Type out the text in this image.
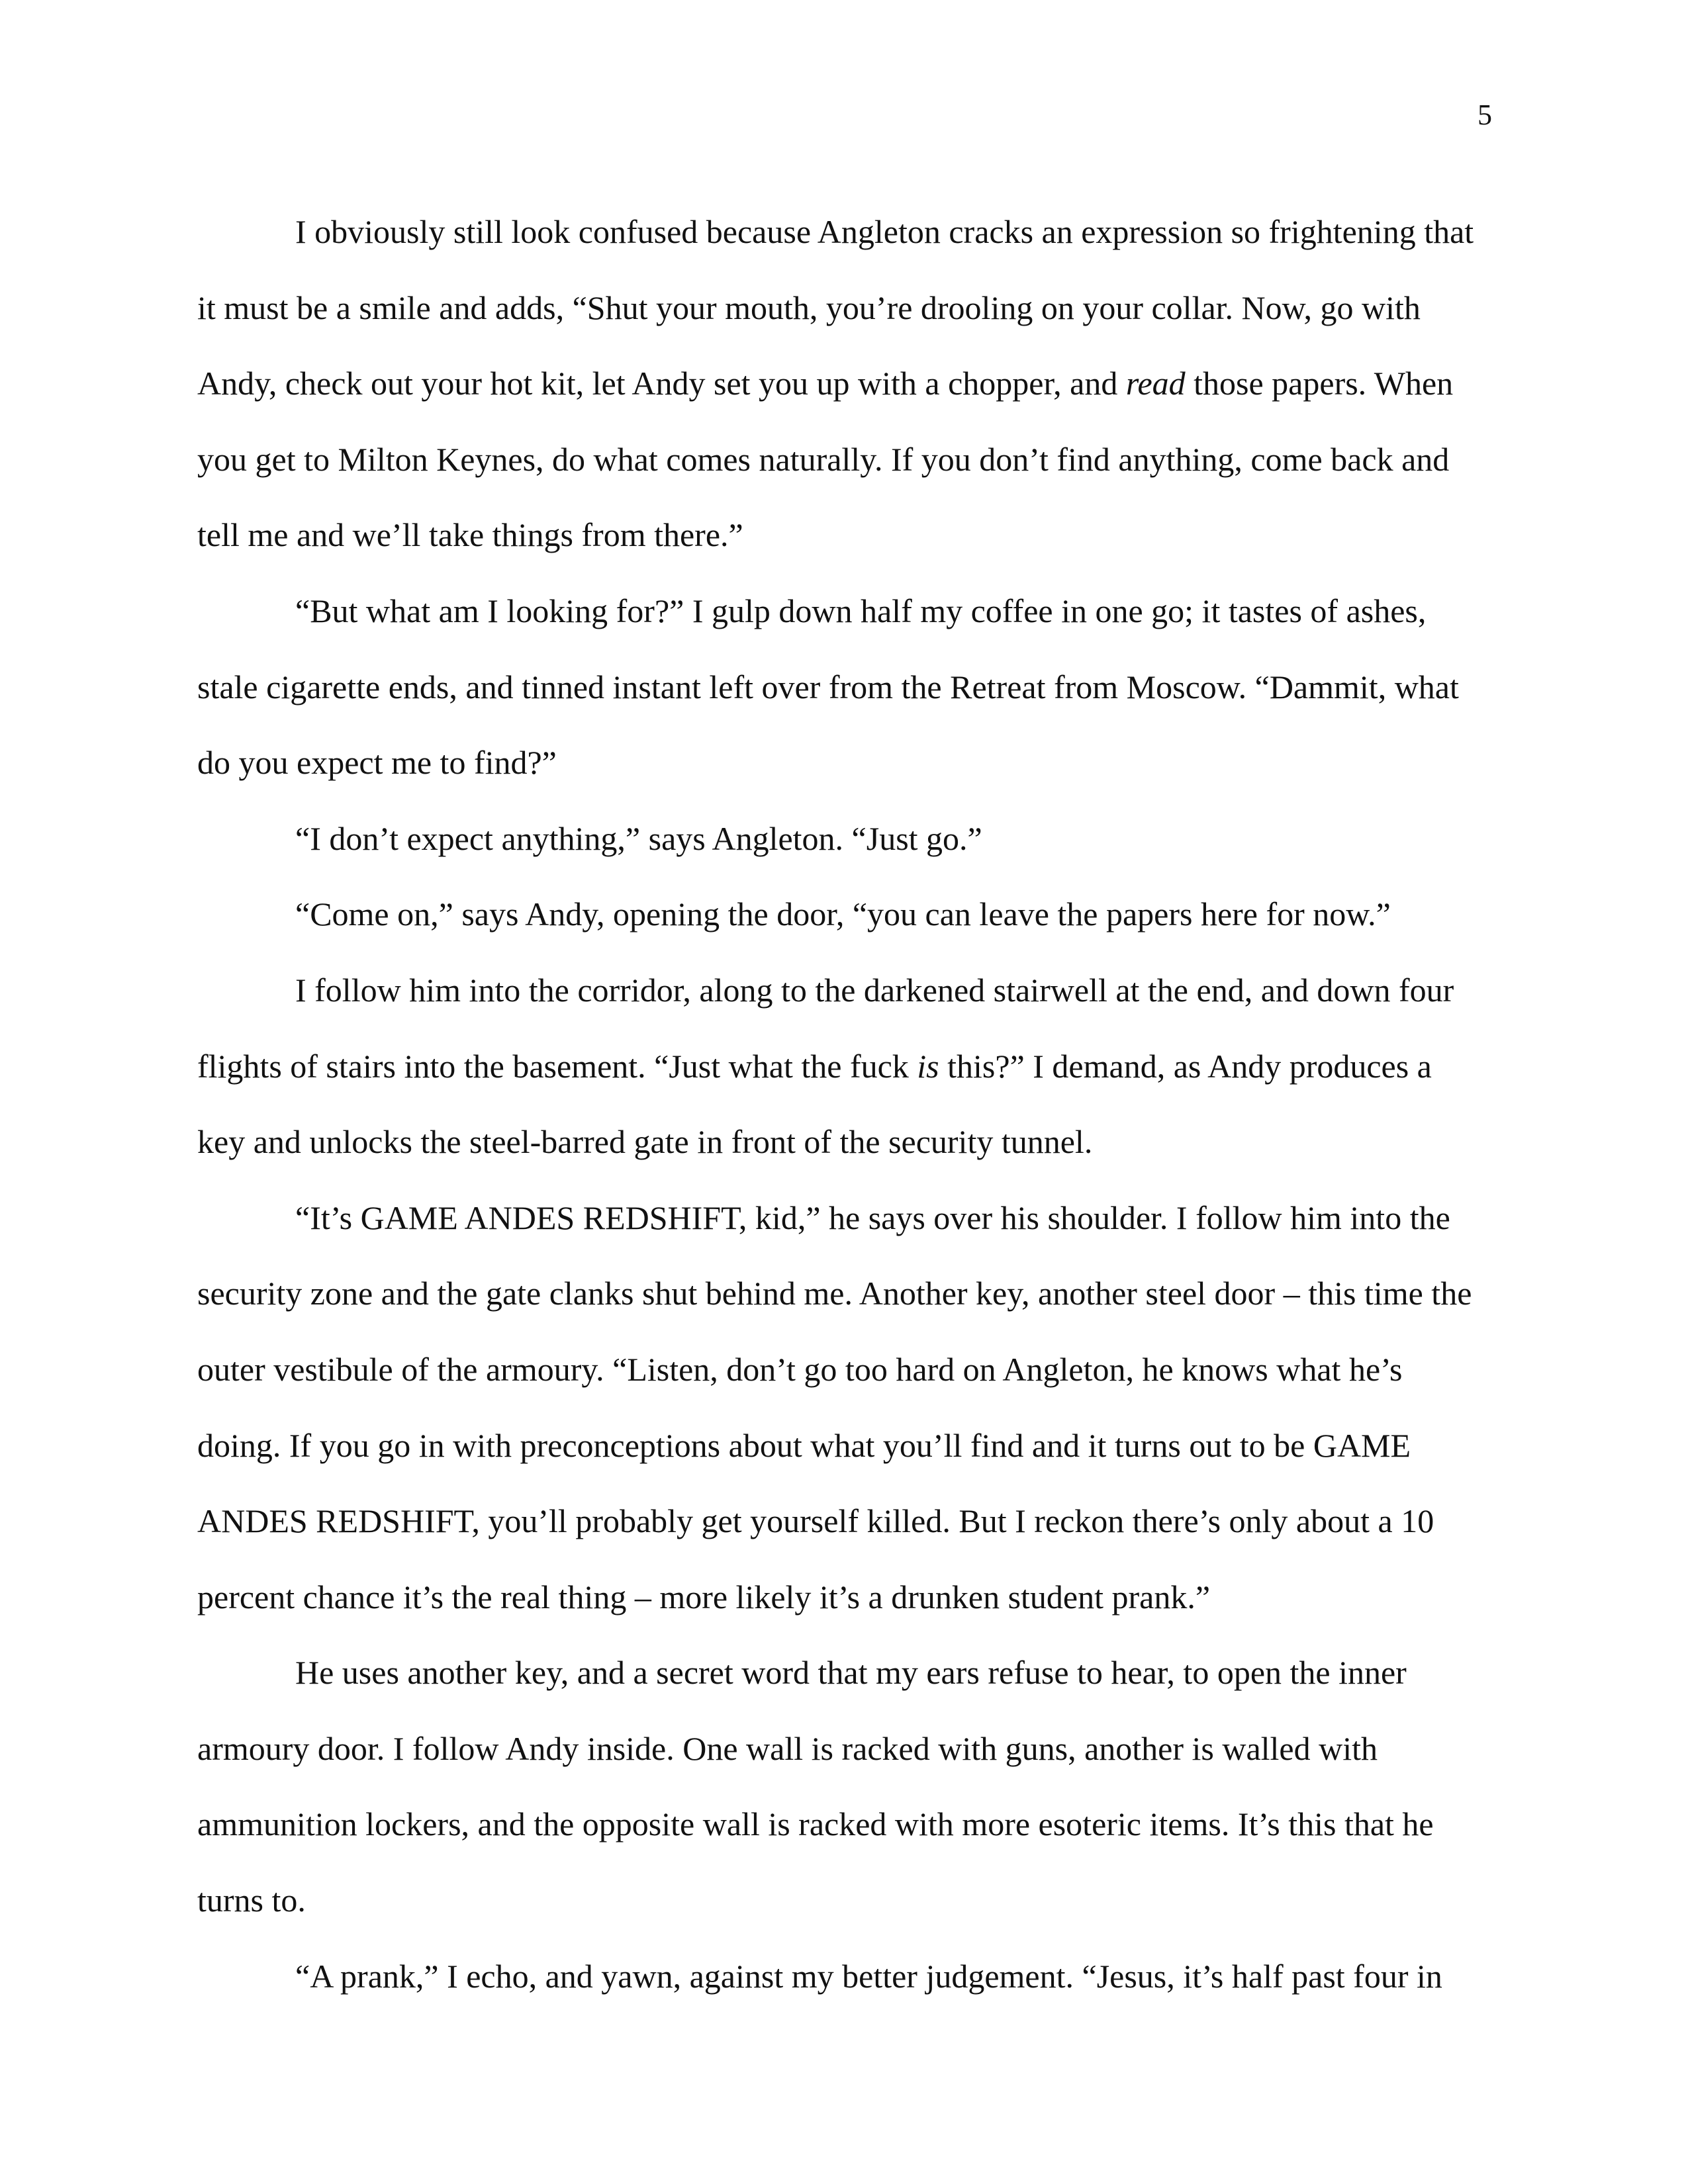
5

I obviously still look confused because Angleton cracks an expression so frightening that it must be a smile and adds, “Shut your mouth, you’re drooling on your collar. Now, go with Andy, check out your hot kit, let Andy set you up with a chopper, and read those papers. When you get to Milton Keynes, do what comes naturally. If you don’t find anything, come back and tell me and we’ll take things from there.”

“But what am I looking for?” I gulp down half my coffee in one go; it tastes of ashes, stale cigarette ends, and tinned instant left over from the Retreat from Moscow. “Dammit, what do you expect me to find?”

“I don’t expect anything,” says Angleton. “Just go.”

“Come on,” says Andy, opening the door, “you can leave the papers here for now.”

I follow him into the corridor, along to the darkened stairwell at the end, and down four flights of stairs into the basement. “Just what the fuck is this?” I demand, as Andy produces a key and unlocks the steel-barred gate in front of the security tunnel.

“It’s GAME ANDES REDSHIFT, kid,” he says over his shoulder. I follow him into the security zone and the gate clanks shut behind me. Another key, another steel door – this time the outer vestibule of the armoury. “Listen, don’t go too hard on Angleton, he knows what he’s doing. If you go in with preconceptions about what you’ll find and it turns out to be GAME ANDES REDSHIFT, you’ll probably get yourself killed. But I reckon there’s only about a 10 percent chance it’s the real thing – more likely it’s a drunken student prank.”

He uses another key, and a secret word that my ears refuse to hear, to open the inner armoury door. I follow Andy inside. One wall is racked with guns, another is walled with ammunition lockers, and the opposite wall is racked with more esoteric items. It’s this that he turns to.

“A prank,” I echo, and yawn, against my better judgement. “Jesus, it’s half past four in
